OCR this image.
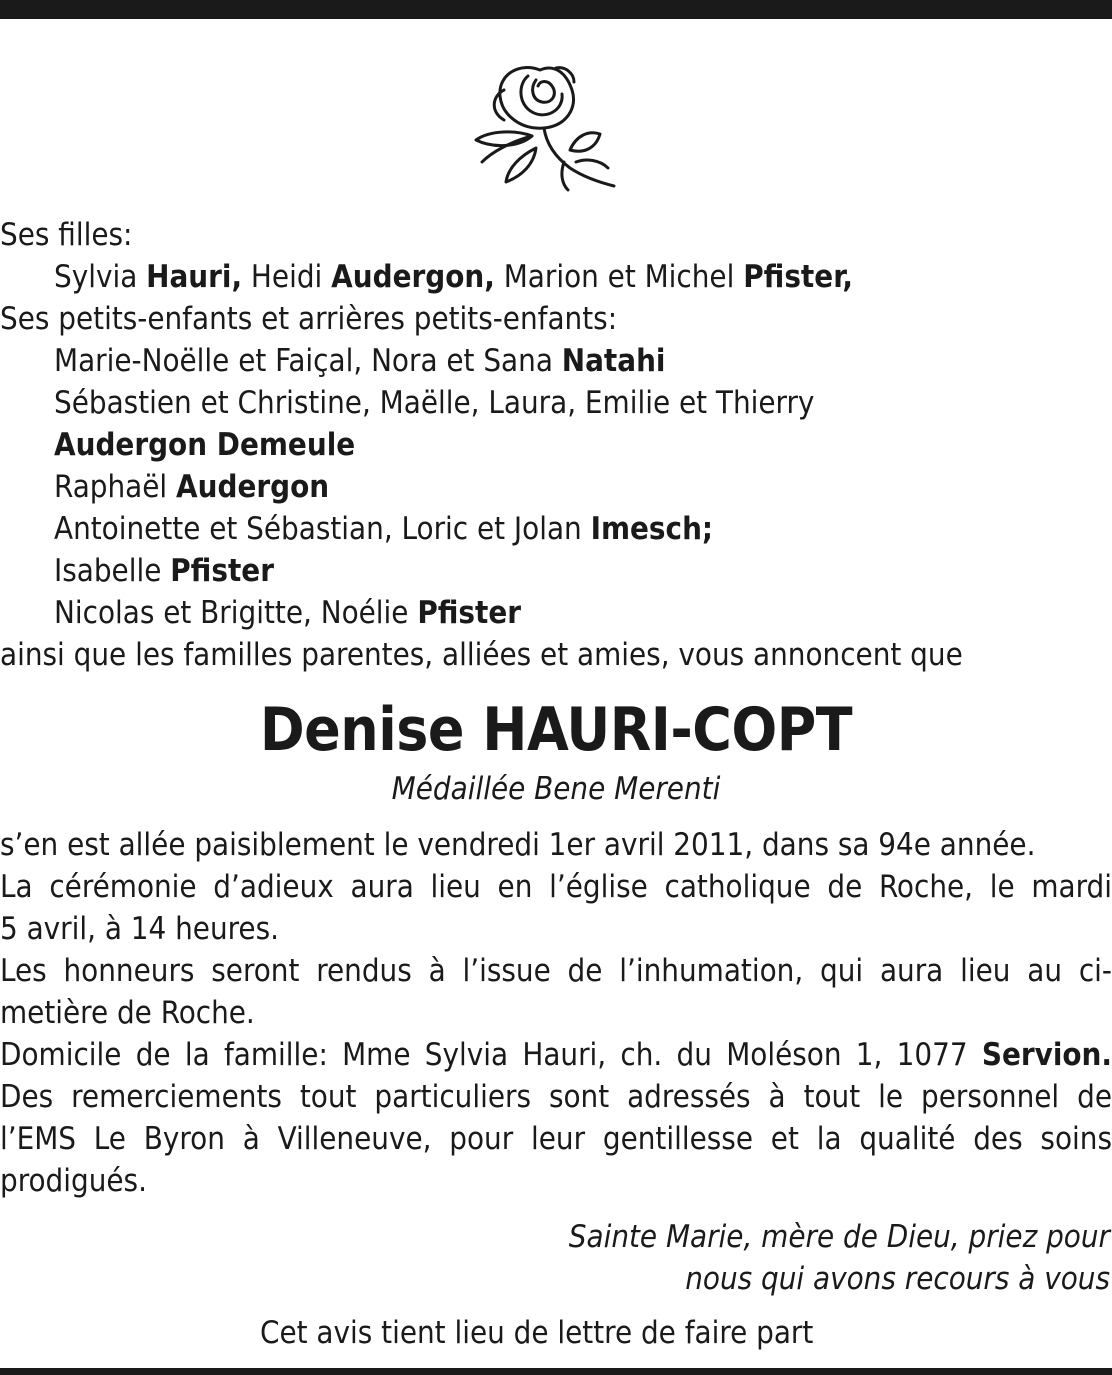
Ses filles:
Sylvia Hauri, Heidi Audergon, Marion et Michel Pfister,
Ses petits-enfants et arrières petits-enfants:
Marie-Noëlle et Faiçal, Nora et Sana Natahi
Sébastien et Christine, Maëlle, Laura, Emilie et Thierry
Audergon Demeule
Raphaël Audergon
Antoinette et Sébastian, Loric et Jolan Imesch;
Isabelle Pfister
Nicolas et Brigitte, Noélie Pfister
ainsi que les familles parentes, alliées et amies, vous annoncent que
Denise HAURI-COPT
Médaillée Bene Merenti
s’en est allée paisiblement le vendredi 1er avril 2011, dans sa 94e année.
La cérémonie d’adieux aura lieu en l’église catholique de Roche, le mardi
5 avril, à 14 heures.
Les honneurs seront rendus à l’issue de l’inhumation, qui aura lieu au ci-
metière de Roche.
Domicile de la famille: Mme Sylvia Hauri, ch. du Moléson 1, 1077 Servion.
Des remerciements tout particuliers sont adressés à tout le personnel de
l’EMS Le Byron à Villeneuve, pour leur gentillesse et la qualité des soins
prodigués.
Sainte Marie, mère de Dieu, priez pour
nous qui avons recours à vous
Cet avis tient lieu de lettre de faire part
